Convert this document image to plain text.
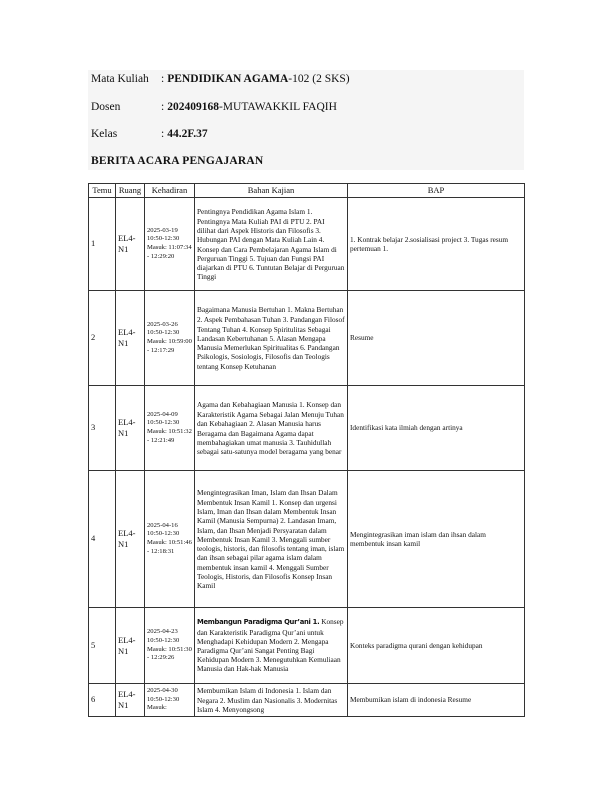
Mata Kuliah	: PENDIDIKAN AGAMA-102 (2 SKS)
Dosen	: 202409168-MUTAWAKKIL FAQIH
Kelas	: 44.2F.37
BERITA ACARA PENGAJARAN
Temu	Ruang	Kehadiran	Bahan Kajian	BAP
1	EL4-N1	2025-03-19 10:50-12:30 Masuk: 11:07:34 - 12:29:20	Pentingnya Pendidikan Agama Islam 1. Pentingnya Mata Kuliah PAI di PTU 2. PAI dilihat dari Aspek Historis dan Filosofis 3. Hubungan PAI dengan Mata Kuliah Lain 4. Konsep dan Cara Pembelajaran Agama Islam di Perguruan Tinggi 5. Tujuan dan Fungsi PAI diajarkan di PTU 6. Tuntutan Belajar di Perguruan Tinggi	1. Kontrak belajar 2.sosialisasi project 3. Tugas resum pertemuan 1.
2	EL4-N1	2025-03-26 10:50-12:30 Masuk: 10:59:00 - 12:17:29	Bagaimana Manusia Bertuhan 1. Makna Bertuhan 2. Aspek Pembahasan Tuhan 3. Pandangan Filosof Tentang Tuhan 4. Konsep Spiritulitas Sebagai Landasan Kebertuhanan 5. Alasan Mengapa Manusia Memerlukan Spiritualitas 6. Pandangan Psikologis, Sosiologis, Filosofis dan Teologis tentang Konsep Ketuhanan	Resume
3	EL4-N1	2025-04-09 10:50-12:30 Masuk: 10:51:32 - 12:21:49	Agama dan Kebahagiaan Manusia 1. Konsep dan Karakteristik Agama Sebagai Jalan Menuju Tuhan dan Kebahagiaan 2. Alasan Manusia harus Beragama dan Bagaimana Agama dapat membahagiakan umat manusia 3. Tauhidullah sebagai satu-satunya model beragama yang benar	Identifikasi kata ilmiah dengan artinya
4	EL4-N1	2025-04-16 10:50-12:30 Masuk: 10:51:46 - 12:18:31	Mengintegrasikan Iman, Islam dan Ihsan Dalam Membentuk Insan Kamil 1. Konsep dan urgensi Islam, Iman dan Ihsan dalam Membentuk Insan Kamil (Manusia Sempurna) 2. Landasan Imam, Islam, dan Ihsan Menjadi Persyaratan dalam Membentuk Insan Kamil 3. Menggali sumber teologis, historis, dan filosofis tentang iman, islam dan ihsan sebagai pilar agama islam dalam membentuk insan kamil 4. Menggali Sumber Teologis, Historis, dan Filosofis Konsep Insan Kamil	Mengintegrasikan iman islam dan ihsan dalam membentuk insan kamil
5	EL4-N1	2025-04-23 10:50-12:30 Masuk: 10:51:30 - 12:29:26	Membangun Paradigma Qur’ani 1. Konsep dan Karakteristik Paradigma Qur’ani untuk Menghadapi Kehidupan Modern 2. Mengapa Paradigma Qur’ani Sangat Penting Bagi Kehidupan Modern 3. Menegutuhkan Kemuliaan Manusia dan Hak-hak Manusia	Konteks paradigma qurani dengan kehidupan
6	EL4-N1	2025-04-30 10:50-12:30 Masuk:	Membumikan Islam di Indonesia 1. Islam dan Negara 2. Muslim dan Nasionalis 3. Modernitas Islam 4. Menyongsong	Membumikan islam di indonesia Resume
